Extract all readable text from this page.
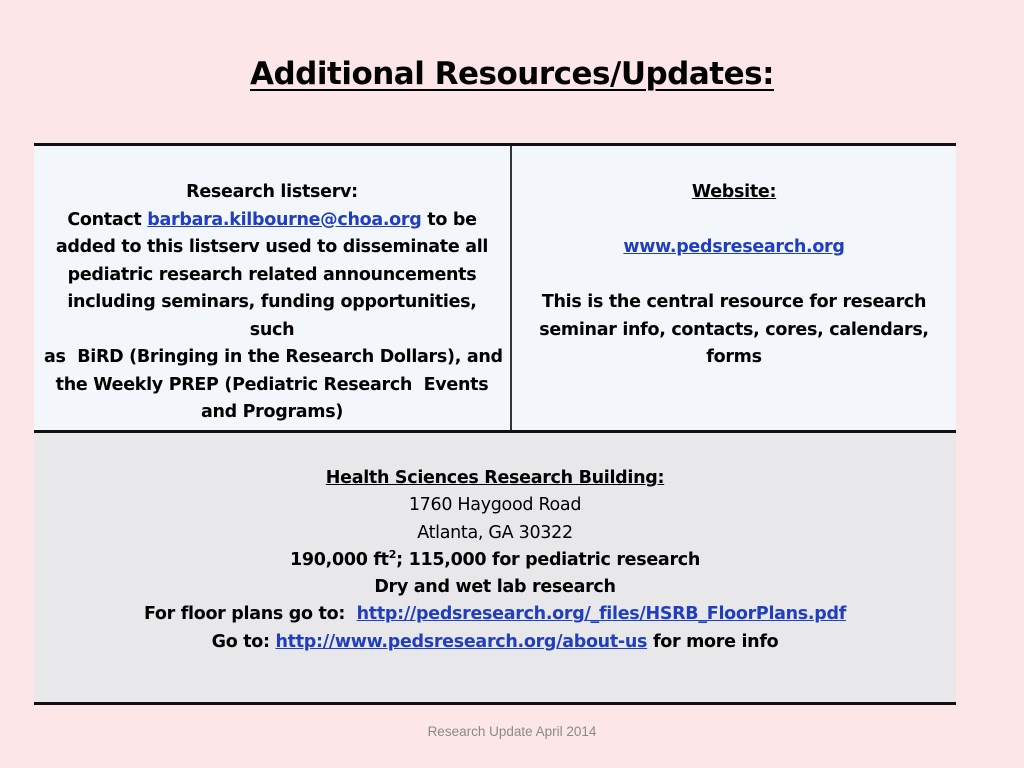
Additional Resources/Updates:
Research listserv:
Contact barbara.kilbourne@choa.org to be
added to this listserv used to disseminate all
pediatric research related announcements
including seminars, funding opportunities, such
as  BiRD (Bringing in the Research Dollars), and
the Weekly PREP (Pediatric Research  Events
and Programs)
Website:
www.pedsresearch.org
This is the central resource for research
seminar info, contacts, cores, calendars,
forms
Health Sciences Research Building:
1760 Haygood Road
Atlanta, GA 30322
190,000 $ft^2$; 115,000 for pediatric research
Dry and wet lab research
For floor plans go to:  http://pedsresearch.org/_files/HSRB_FloorPlans.pdf
Go to: http://www.pedsresearch.org/about-us for more info
Research Update April 2014
